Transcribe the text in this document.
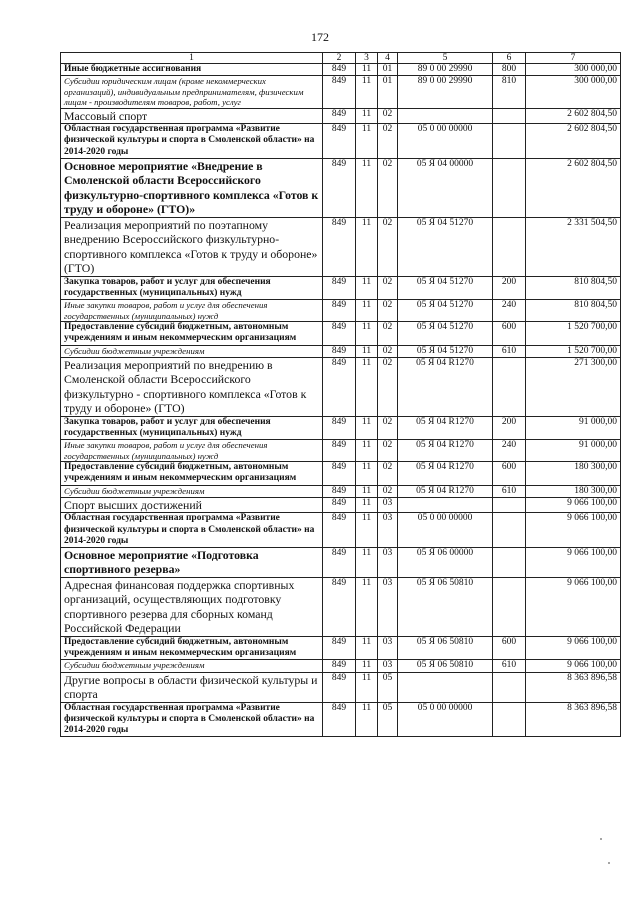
172
1	2	3	4	5	6	7
Иные бюджетные ассигнования	849	11	01	89 0 00 29990	800	300 000,00
Субсидии юридическим лицам (кроме некоммерческих организаций), индивидуальным предпринимателям, физическим лицам - производителям товаров, работ, услуг	849	11	01	89 0 00 29990	810	300 000,00
Массовый спорт	849	11	02			2 602 804,50
Областная государственная программа «Развитие физической культуры и спорта в Смоленской области» на 2014-2020 годы	849	11	02	05 0 00 00000		2 602 804,50
Основное мероприятие «Внедрение в Смоленской области Всероссийского физкультурно-спортивного комплекса «Готов к труду и обороне» (ГТО)»	849	11	02	05 Я 04 00000		2 602 804,50
Реализация мероприятий по поэтапному внедрению Всероссийского физкультурно-спортивного комплекса «Готов к труду и обороне» (ГТО)	849	11	02	05 Я 04 51270		2 331 504,50
Закупка товаров, работ и услуг для обеспечения государственных (муниципальных) нужд	849	11	02	05 Я 04 51270	200	810 804,50
Иные закупки товаров, работ и услуг для обеспечения государственных (муниципальных) нужд	849	11	02	05 Я 04 51270	240	810 804,50
Предоставление субсидий бюджетным, автономным учреждениям и иным некоммерческим организациям	849	11	02	05 Я 04 51270	600	1 520 700,00
Субсидии бюджетным учреждениям	849	11	02	05 Я 04 51270	610	1 520 700,00
Реализация мероприятий по внедрению в Смоленской области Всероссийского физкультурно - спортивного комплекса «Готов к труду и обороне» (ГТО)	849	11	02	05 Я 04 R1270		271 300,00
Закупка товаров, работ и услуг для обеспечения государственных (муниципальных) нужд	849	11	02	05 Я 04 R1270	200	91 000,00
Иные закупки товаров, работ и услуг для обеспечения государственных (муниципальных) нужд	849	11	02	05 Я 04 R1270	240	91 000,00
Предоставление субсидий бюджетным, автономным учреждениям и иным некоммерческим организациям	849	11	02	05 Я 04 R1270	600	180 300,00
Субсидии бюджетным учреждениям	849	11	02	05 Я 04 R1270	610	180 300,00
Спорт высших достижений	849	11	03			9 066 100,00
Областная государственная программа «Развитие физической культуры и спорта в Смоленской области» на 2014-2020 годы	849	11	03	05 0 00 00000		9 066 100,00
Основное мероприятие «Подготовка спортивного резерва»	849	11	03	05 Я 06 00000		9 066 100,00
Адресная финансовая поддержка спортивных организаций, осуществляющих подготовку спортивного резерва для сборных команд Российской Федерации	849	11	03	05 Я 06 50810		9 066 100,00
Предоставление субсидий бюджетным, автономным учреждениям и иным некоммерческим организациям	849	11	03	05 Я 06 50810	600	9 066 100,00
Субсидии бюджетным учреждениям	849	11	03	05 Я 06 50810	610	9 066 100,00
Другие вопросы в области физической культуры и спорта	849	11	05			8 363 896,58
Областная государственная программа «Развитие физической культуры и спорта в Смоленской области» на 2014-2020 годы	849	11	05	05 0 00 00000		8 363 896,58
